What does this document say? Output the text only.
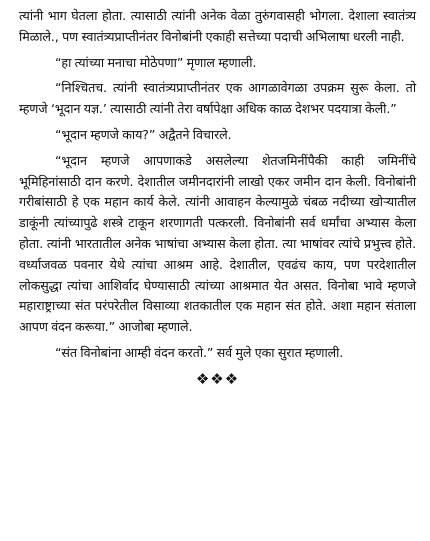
त्यांनी भाग घेतला होता. त्यासाठी त्यांनी अनेक वेळा तुरुंगवासही भोगला. देशाला स्वातंत्र्य मिळाले., पण स्वातंत्र्यप्राप्तीनंतर विनोबांनी एकाही सत्तेच्या पदाची अभिलाषा धरली नाही.

“हा त्यांच्या मनाचा मोठेपणा” मृणाल म्हणाली.

“निश्चितच. त्यांनी स्वातंत्र्यप्राप्तीनंतर एक आगळावेगळा उपक्रम सुरू केला. तो म्हणजे ‘भूदान यज्ञ.’ त्यासाठी त्यांनी तेरा वर्षापेक्षा अधिक काळ देशभर पदयात्रा केली.”

“भूदान म्हणजे काय?” अद्वैतने विचारले.

“भूदान म्हणजे आपणाकडे असलेल्या शेतजमिनींपैकी काही जमिनींचे भूमिहिनांसाठी दान करणे. देशातील जमीनदारांनी लाखो एकर जमीन दान केली. विनोबांनी गरीबांसाठी हे एक महान कार्य केले. त्यांनी आवाहन केल्यामुळे चंबळ नदीच्या खोऱ्यातील डाकूंनी त्यांच्यापुढे शस्त्रे टाकून शरणागती पत्करली. विनोबांनी सर्व धर्मांचा अभ्यास केला होता. त्यांनी भारतातील अनेक भाषांचा अभ्यास केला होता. त्या भाषांवर त्यांचे प्रभुत्त्व होते. वर्ध्याजवळ पवनार येथे त्यांचा आश्रम आहे. देशातील, एवढंच काय, पण परदेशातील लोकसुद्धा त्यांचा आशिर्वाद घेण्यासाठी त्यांच्या आश्रमात येत असत. विनोबा भावे म्हणजे महाराष्ट्राच्या संत परंपरेतील विसाव्या शतकातील एक महान संत होते. अशा महान संताला आपण वंदन करूया.” आजोबा म्हणाले.

“संत विनोबांना आम्ही वंदन करतो.” सर्व मुले एका सुरात म्हणाली.

❖❖❖
